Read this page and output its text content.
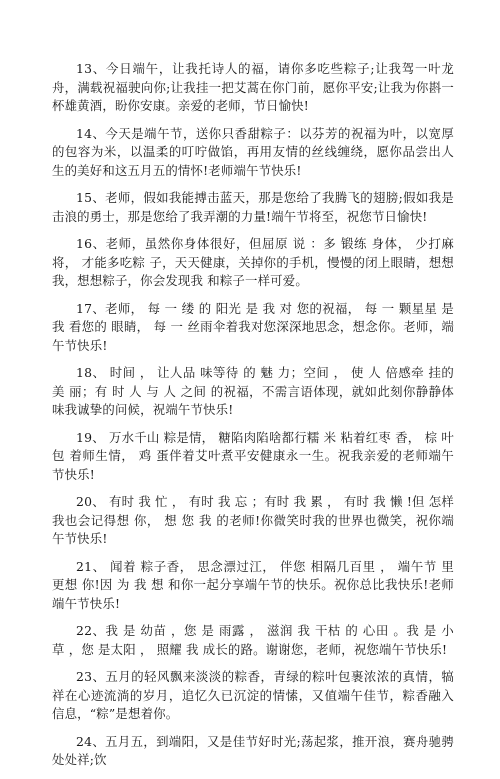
13、今日端午，让我托诗人的福，请你多吃些粽子;让我驾一叶龙舟，满载祝福驶向你;让我挂一把艾蒿在你门前，愿你平安;让我为你斟一杯雄黄酒，盼你安康。亲爱的老师，节日愉快!

14、今天是端午节，送你只香甜粽子：以芬芳的祝福为叶，以宽厚的包容为米，以温柔的叮咛做馅，再用友情的丝线缠绕，愿你品尝出人生的美好和这五月五的情怀!老师端午节快乐!

15、老师，假如我能搏击蓝天，那是您给了我腾飞的翅膀;假如我是击浪的勇士，那是您给了我弄潮的力量!端午节将至，祝您节日愉快!

16、老师，虽然你身体很好，但屈原 说 ：多 锻练 身体， 少打麻 将， 才能多吃粽 子，天天健康，关掉你的手机，慢慢的闭上眼睛，想想我，想想粽子，你会发现我 和粽子一样可爱。

17、老师， 每 一 缕 的 阳光 是 我 对 您的祝福， 每 一 颗星星 是 我 看您的 眼睛， 每 一 丝雨伞着我对您深深地思念，想念你。老师，端午节快乐!

18、 时间 ， 让人品 味等待 的 魅 力；空间 ， 使 人 倍感牵 挂的美 丽；有 时 人 与 人 之间 的祝福，不需言语体现，就如此刻你静静体味我诚挚的问候，祝端午节快乐!

19、 万水千山 粽是情， 糖陷肉陷啥都行糯 米 粘着红枣 香， 棕 叶包 着师生情， 鸡 蛋伴着艾叶煮平安健康永一生。祝我亲爱的老师端午节快乐!

20、 有时 我 忙 ， 有时 我 忘 ；有时 我 累 ， 有时 我 懒 !但 怎样 我也会记得想 你， 想 您 我 的老师!你微笑时我的世界也微笑，祝你端午节快乐!

21、 闻着 粽子香， 思念漂过江， 伴您 相隔几百里 ， 端午节 里 更想 你!因 为 我 想 和你一起分享端午节的快乐。祝你总比我快乐!老师端午节快乐!

22、我 是 幼苗 ，您 是 雨露 ， 滋润 我 干枯 的 心田 。我 是 小 草 ，您 是太阳 ， 照耀 我 成长的路。谢谢您，老师，祝您端午节快乐!

23、五月的轻风飘来淡淡的粽香，青绿的粽叶包裹浓浓的真情，犒祥在心迹流淌的岁月，追忆久已沉淀的情愫，又值端午佳节，粽香融入信息，“粽”是想着你。

24、五月五，到端阳，又是佳节好时光;荡起浆，推开浪，赛舟驰骋处处祥;饮
